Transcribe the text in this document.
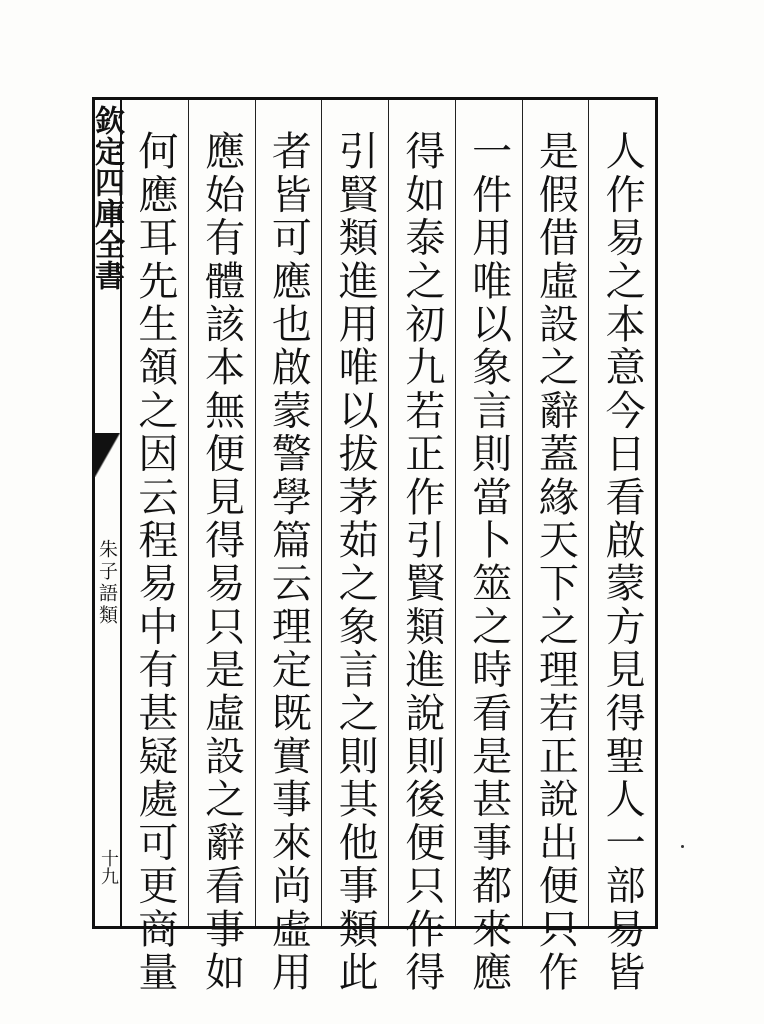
欽定四庫全書
朱子語類
十九	人作易之本意今日看啟蒙方見得聖人一部易皆
是假借虛設之辭蓋緣天下之理若正說出便只作
一件用唯以象言則當卜筮之時看是甚事都來應
得如泰之初九若正作引賢類進說則後便只作得
引賢類進用唯以拔茅茹之象言之則其他事類此
者皆可應也啟蒙警學篇云理定既實事來尚虛用
應始有體該本無便見得易只是虛設之辭看事如
何應耳先生頷之因云程易中有甚疑處可更商量
